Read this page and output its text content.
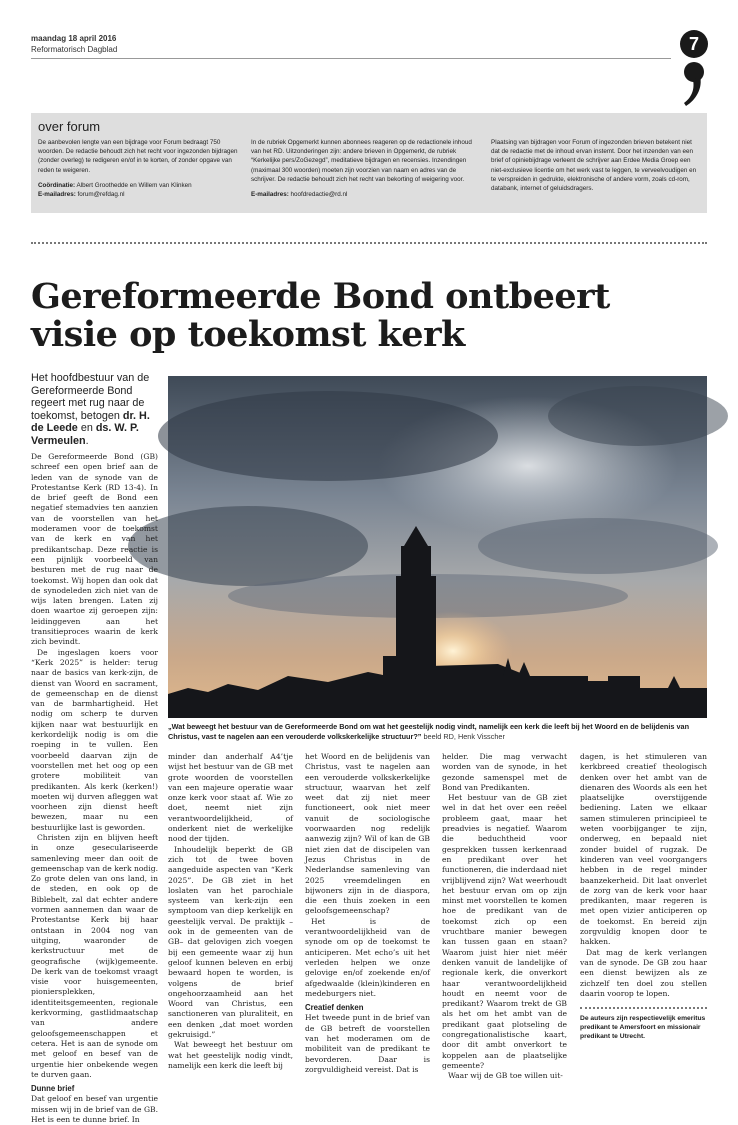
maandag 18 april 2016
Reformatorisch Dagblad	7
over forum

De aanbevolen lengte van een bijdrage voor Forum bedraagt 750 woorden. De redactie behoudt zich het recht voor ingezonden bijdragen (zonder overleg) te redigeren en/of in te korten, of zonder opgave van reden te weigeren.

Coördinatie: Albert Groothedde en Willem van Klinken

E-mailadres: forum@refdag.nl

In de rubriek Opgemerkt kunnen abonnees reageren op de redactionele inhoud van het RD. Uitzonderingen zijn: andere brieven in Opgemerkt, de rubriek “Kerkelijke pers/ZoGezegd”, meditatieve bijdragen en recensies. Inzendingen (maximaal 300 woorden) moeten zijn voorzien van naam en adres van de schrijver. De redactie behoudt zich het recht van bekorting of weigering voor.

E-mailadres: hoofdredactie@rd.nl

Plaatsing van bijdragen voor Forum of ingezonden brieven betekent niet dat de redactie met de inhoud ervan instemt. Door het inzenden van een brief of opiniebijdrage verleent de schrijver aan Erdee Media Groep een niet-exclusieve licentie om het werk vast te leggen, te verveelvoudigen en te verspreiden in gedrukte, elektronische of andere vorm, zoals cd-rom, databank, internet of geluidsdragers.

Gereformeerde Bond ontbeert visie op toekomst kerk
Het hoofdbestuur van de Gereformeerde Bond regeert met rug naar de toekomst, betogen dr. H. de Leede en ds. W. P. Vermeulen.
„Wat beweegt het bestuur van de Gereformeerde Bond om wat het geestelijk nodig vindt, namelijk een kerk die leeft bij het Woord en de belijdenis van Christus, vast te nagelen aan een verouderde volkskerkelijke structuur?” beeld RD, Henk Visscher

De Gereformeerde Bond (GB) schreef een open brief aan de leden van de synode van de Protestantse Kerk (RD 13-4). In de brief geeft de Bond een negatief stemadvies ten aanzien van de voorstellen van het moderamen voor de toekomst van de kerk en van het predikantschap. Deze reactie is een pijnlijk voorbeeld van besturen met de rug naar de toekomst. Wij hopen dan ook dat de synodeleden zich niet van de wijs laten brengen. Laten zij doen waartoe zij geroepen zijn: leidinggeven aan het transitieproces waarin de kerk zich bevindt.

De ingeslagen koers voor “Kerk 2025” is helder: terug naar de basics van kerk-zijn, de dienst van Woord en sacrament, de gemeenschap en de dienst van de barmhartigheid. Het nodig om scherp te durven kijken naar wat bestuurlijk en kerkordelijk nodig is om die roeping in te vullen. Een voorbeeld daarvan zijn de voorstellen met het oog op een grotere mobiliteit van predikanten. Als kerk (kerken!) moeten wij durven afleggen wat voorheen zijn dienst heeft bewezen, maar nu een bestuurlijke last is geworden.

Christen zijn en blijven heeft in onze geseculariseerde samenleving meer dan ooit de gemeenschap van de kerk nodig. Zo grote delen van ons land, in de steden, en ook op de Biblebelt, zal dat echter andere vormen aannemen dan waar de Protestantse Kerk bij haar ontstaan in 2004 nog van uitging, waaronder de kerkstructuur met de geografische (wijk)gemeente. De kerk van de toekomst vraagt visie voor huisgemeenten, pioniersplekken, identiteitsgemeenten, regionale kerkvorming, gastlidmaatschap van andere geloofsgemeenschappen et cetera. Het is aan de synode om met geloof en besef van de urgentie hier onbekende wegen te durven gaan.

Dunne brief

Dat geloof en besef van urgentie missen wij in de brief van de GB. Het is een te dunne brief. In

minder dan anderhalf A4’tje wijst het bestuur van de GB met grote woorden de voorstellen van een majeure operatie waar onze kerk voor staat af. Wie zo doet, neemt niet zijn verantwoordelijkheid, of onderkent niet de werkelijke nood der tijden.

Inhoudelijk beperkt de GB zich tot de twee boven aangeduide aspecten van “Kerk 2025”. De GB ziet in het loslaten van het parochiale systeem van kerk-zijn een symptoom van diep kerkelijk en geestelijk verval. De praktijk –ook in de gemeenten van de GB– dat gelovigen zich voegen bij een gemeente waar zij hun geloof kunnen beleven en erbij bewaard hopen te worden, is volgens de brief ongehoorzaamheid aan het Woord van Christus, een sanctioneren van pluraliteit, en een denken „dat moet worden gekruisigd.”

Wat beweegt het bestuur om wat het geestelijk nodig vindt, namelijk een kerk die leeft bij

het Woord en de belijdenis van Christus, vast te nagelen aan een verouderde volkskerkelijke structuur, waarvan het zelf weet dat zij niet meer functioneert, ook niet meer vanuit de sociologische voorwaarden nog redelijk aanwezig zijn? Wil of kan de GB niet zien dat de discipelen van Jezus Christus in de Nederlandse samenleving van 2025 vreemdelingen en bijwoners zijn in de diaspora, die een thuis zoeken in een geloofsgemeenschap?

Het is de verantwoordelijkheid van de synode om op de toekomst te anticiperen. Met echo’s uit het verleden helpen we onze gelovige en/of zoekende en/of afgedwaalde (klein)kinderen en medeburgers niet.

Creatief denken

Het tweede punt in de brief van de GB betreft de voorstellen van het moderamen om de mobiliteit van de predikant te bevorderen. Daar is zorgvuldigheid vereist. Dat is

helder. Die mag verwacht worden van de synode, in het gezonde samenspel met de Bond van Predikanten.

Het bestuur van de GB ziet wel in dat het over een reëel probleem gaat, maar het preadvies is negatief. Waarom die beduchtheid voor gesprekken tussen kerkenraad en predikant over het functioneren, die inderdaad niet vrijblijvend zijn? Wat weerhoudt het bestuur ervan om op zijn minst met voorstellen te komen hoe de predikant van de toekomst zich op een vruchtbare manier bewegen kan tussen gaan en staan? Waarom juist hier niet méér denken vanuit de landelijke of regionale kerk, die onverkort haar verantwoordelijkheid houdt en neemt voor de predikant? Waarom trekt de GB als het om het ambt van de predikant gaat plotseling de congregationalistische kaart, door dit ambt onverkort te koppelen aan de plaatselijke gemeente?

Waar wij de GB toe willen uit-

dagen, is het stimuleren van kerkbreed creatief theologisch denken over het ambt van de dienaren des Woords als een het plaatselijke overstijgende bediening. Laten we elkaar samen stimuleren principieel te weten voorbijganger te zijn, onderweg, en bepaald niet zonder buidel of rugzak. De kinderen van veel voorgangers hebben in de regel minder baanzekerheid. Dit laat onverlet de zorg van de kerk voor haar predikanten, maar regeren is met open vizier anticiperen op de toekomst. En bereid zijn zorgvuldig knopen door te hakken.

Dat mag de kerk verlangen van de synode. De GB zou haar een dienst bewijzen als ze zichzelf ten doel zou stellen daarin voorop te lopen.

De auteurs zijn respectievelijk emeritus predikant te Amersfoort en missionair predikant te Utrecht.
